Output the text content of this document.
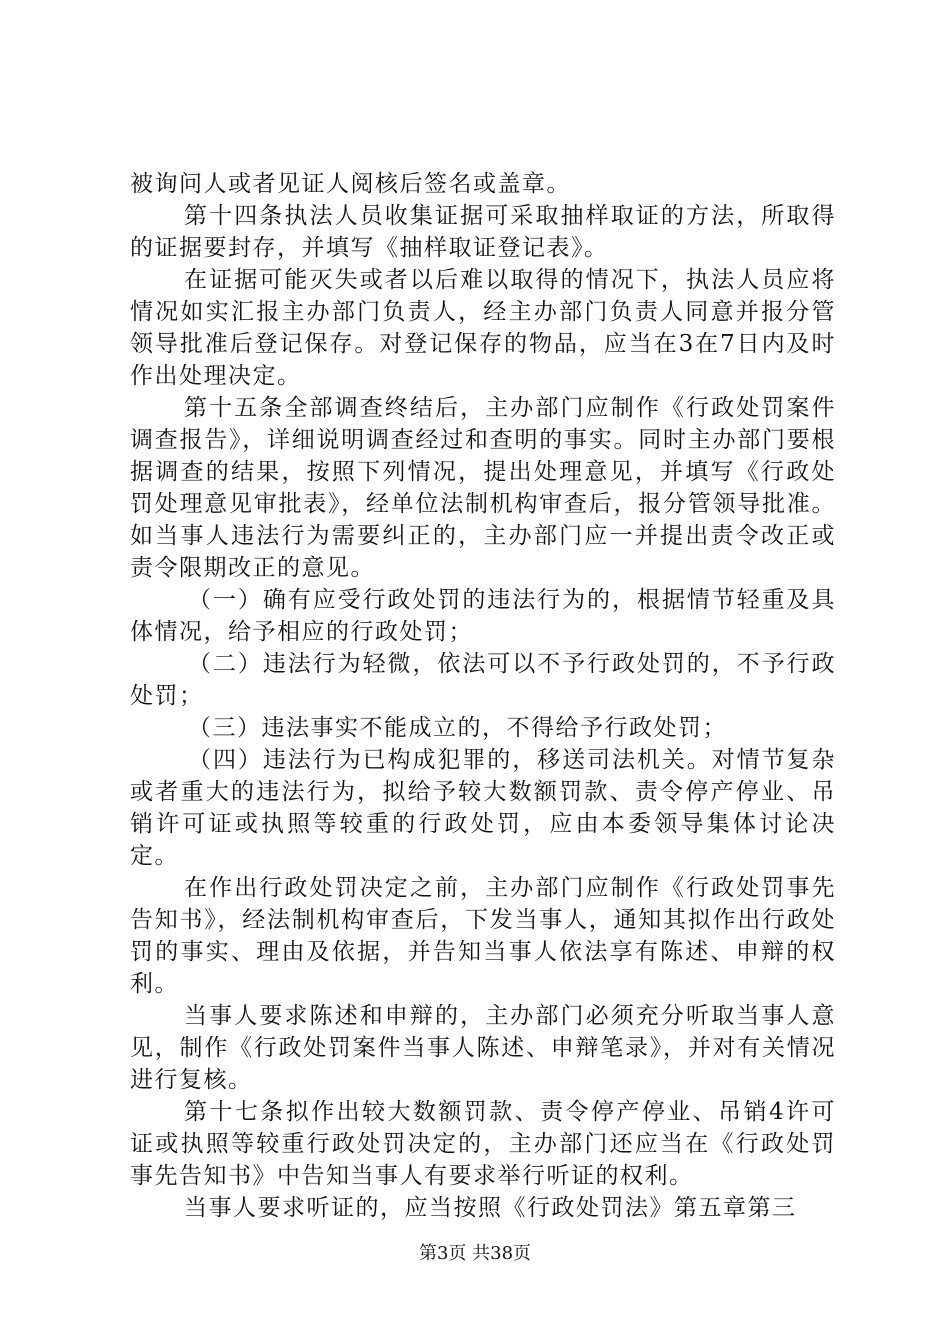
被询问人或者见证人阅核后签名或盖章。

第十四条执法人员收集证据可采取抽样取证的方法，所取得的证据要封存，并填写《抽样取证登记表》。

在证据可能灭失或者以后难以取得的情况下，执法人员应将情况如实汇报主办部门负责人，经主办部门负责人同意并报分管领导批准后登记保存。对登记保存的物品，应当在3在7日内及时作出处理决定。

第十五条全部调查终结后，主办部门应制作《行政处罚案件调查报告》，详细说明调查经过和查明的事实。同时主办部门要根据调查的结果，按照下列情况，提出处理意见，并填写《行政处罚处理意见审批表》，经单位法制机构审查后，报分管领导批准。如当事人违法行为需要纠正的，主办部门应一并提出责令改正或责令限期改正的意见。

（一）确有应受行政处罚的违法行为的，根据情节轻重及具体情况，给予相应的行政处罚；

（二）违法行为轻微，依法可以不予行政处罚的，不予行政处罚；

（三）违法事实不能成立的，不得给予行政处罚；

（四）违法行为已构成犯罪的，移送司法机关。对情节复杂或者重大的违法行为，拟给予较大数额罚款、责令停产停业、吊销许可证或执照等较重的行政处罚，应由本委领导集体讨论决定。

在作出行政处罚决定之前，主办部门应制作《行政处罚事先告知书》，经法制机构审查后，下发当事人，通知其拟作出行政处罚的事实、理由及依据，并告知当事人依法享有陈述、申辩的权利。

当事人要求陈述和申辩的，主办部门必须充分听取当事人意见，制作《行政处罚案件当事人陈述、申辩笔录》，并对有关情况进行复核。

第十七条拟作出较大数额罚款、责令停产停业、吊销4许可证或执照等较重行政处罚决定的，主办部门还应当在《行政处罚事先告知书》中告知当事人有要求举行听证的权利。

当事人要求听证的，应当按照《行政处罚法》第五章第三

第3页 共38页
